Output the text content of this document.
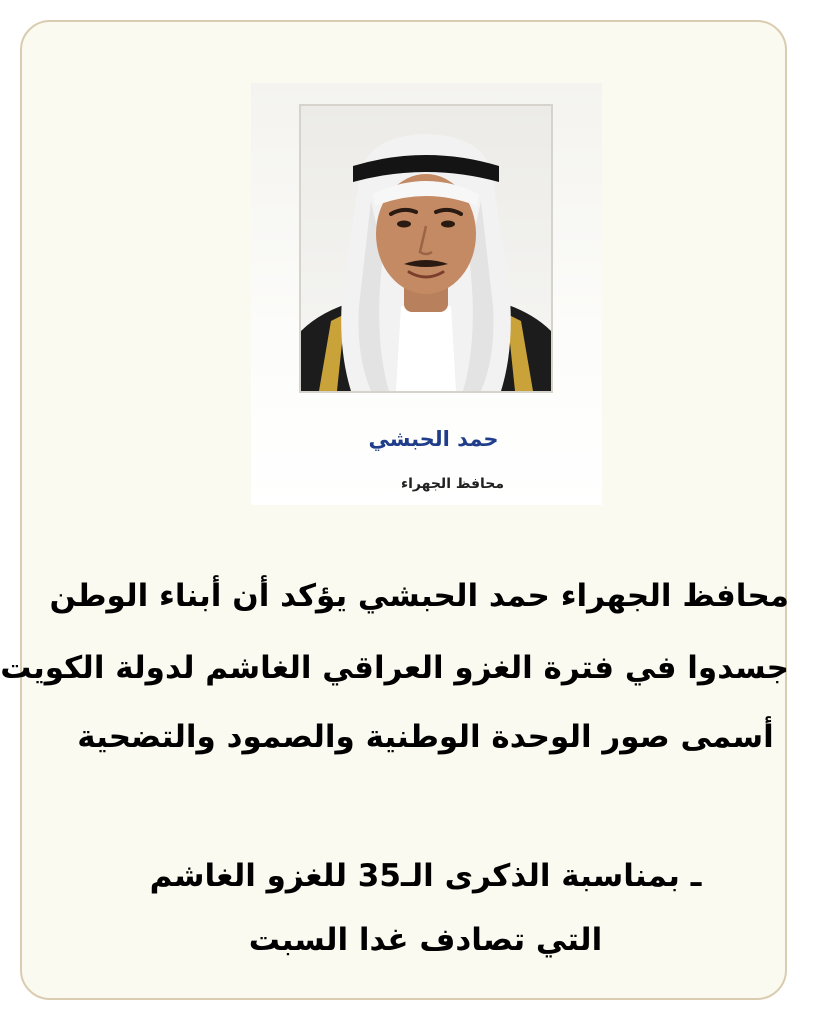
حمد الحبشي
محافظ الجهراء
محافظ الجهراء حمد الحبشي يؤكد أن أبناء الوطن
جسدوا في فترة الغزو العراقي الغاشم لدولة الكويت
أسمى صور الوحدة الوطنية والصمود والتضحية
ـ بمناسبة الذكرى الـ35 للغزو الغاشم
التي تصادف غدا السبت
